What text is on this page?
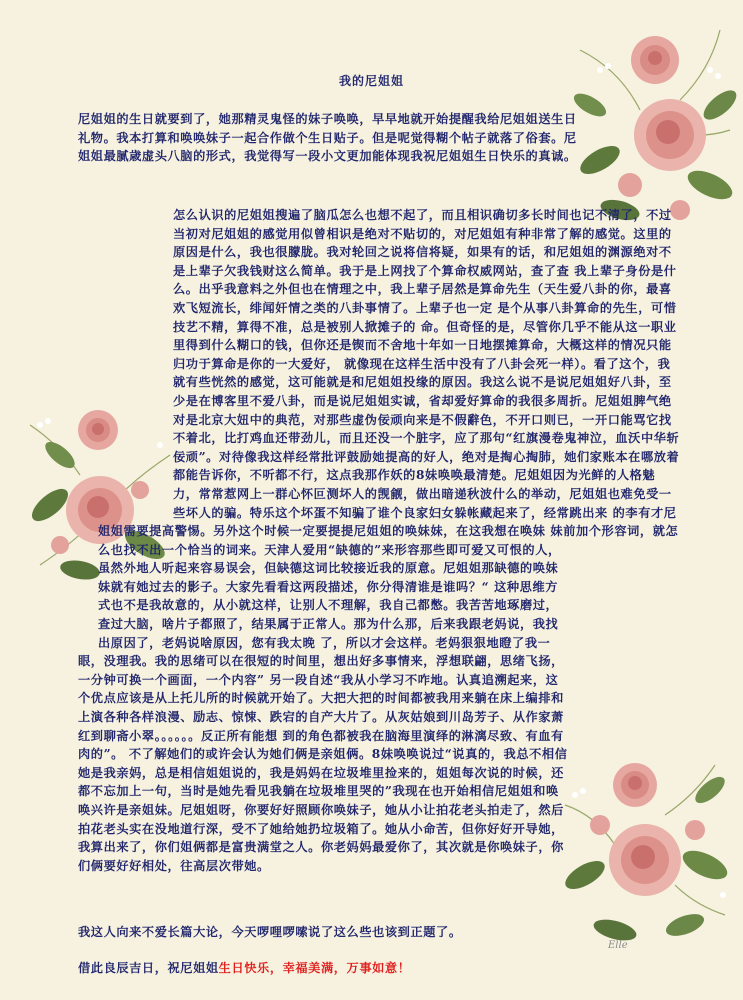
我的尼姐姐

尼姐姐的生日就要到了，她那精灵鬼怪的妹子唤唤，早早地就开始提醒我给尼姐姐送生日礼物。我本打算和唤唤妹子一起合作做个生日贴子。但是呢觉得糊个帖子就落了俗套。尼姐姐最腻歳虚头八脑的形式，我觉得写一段小文更加能体现我祝尼姐姐生日快乐的真诚。

怎么认识的尼姐姐搜遍了脑瓜怎么也想不起了，而且相识确切多长时间也记不清了，不过当初对尼姐姐的感觉用似曾相识是绝对不贴切的，对尼姐姐有种非常了解的感觉。这里的原因是什么，我也很朦胧。我对轮回之说将信将疑，如果有的话，和尼姐姐的渊源绝对不是上辈子欠我钱财这么简单。我于是上网找了个算命权威网站，查了查 我上辈子身份是什么。出乎我意料之外但也在情理之中，我上辈子居然是算命先生（天生爱八卦的你，最喜欢飞短流长，绯闻奸情之类的八卦事情了。上辈子也一定 是个从事八卦算命的先生，可惜技艺不精，算得不准，总是被别人掀摊子的 命。但奇怪的是，尽管你几乎不能从这一职业里得到什么糊口的钱，但你还是锲而不舍地十年如一日地摆摊算命，大概这样的情况只能归功于算命是你的一大爱好， 就像现在这样生活中没有了八卦会死一样）。看了这个，我就有些恍然的感觉，这可能就是和尼姐姐投缘的原因。我这么说不是说尼姐姐好八卦，至少是在博客里不爱八卦，而是说尼姐姐实诚，省却爱好算命的我很多周折。尼姐姐脾气绝对是北京大妞中的典范，对那些虚伪佞顽向来是不假辭色，不开口则已，一开口能骂它找不着北，比打鸡血还带劲儿，而且还没一个脏字，应了那句“红旗漫卷鬼神泣，血沃中华斩佞顽”。对待像我这样经常批评鼓励她提高的好人，绝对是掏心掏肺，她们家账本在哪放着都能告诉你，不听都不行，这点我那作妖的8妹唤唤最清楚。尼姐姐因为光鲜的人格魅力，常常惹网上一群心怀叵测坏人的觊觎，做出暗递秋波什么的举动，尼姐姐也难免受一些坏人的骗。特乐这个坏蛋不知骗了谁个良家妇女躲帐藏起来了，经常跳出来 的李有才尼姐姐需要提高警惕。另外这个时候一定要提提尼姐姐的唤妹妹，在这我想在唤妹 妹前加个形容词，就怎么也找不出一个恰当的词来。天津人爱用“缺德的”来形容那些即可爱又可恨的人，虽然外地人听起来容易误会，但缺德这词比较接近我的原意。尼姐姐那缺德的唤妹妹就有她过去的影子。大家先看看这两段描述，你分得清谁是谁吗？“ 这种思维方式也不是我故意的，从小就这样，让别人不理解，我自己都憋。我苦苦地琢磨过，查过大脑，啥片子都照了，结果属于正常人。那为什么那，后来我跟老妈说，我找出原因了，老妈说啥原因，您有我太晚 了，所以才会这样。老妈狠狠地瞪了我一眼，没理我。我的思绪可以在很短的时间里，想出好多事情来，浮想联翩，思绪飞扬，一分钟可换一个画面，一个内容” 另一段自述“我从小学习不咋地。认真追溯起来，这个优点应该是从上托儿所的时候就开始了。大把大把的时间都被我用来躺在床上编排和上演各种各样浪漫、励志、惊悚、跌宕的自产大片了。从灰姑娘到川岛芳子、从作家萧红到聊斋小翠。。。。。。反正所有能想 到的角色都被我在脑海里演绎的淋漓尽致、有血有肉的”。 不了解她们的或许会认为她们俩是亲姐俩。8妹唤唤说过“说真的，我总不相信她是我亲妈，总是相信姐姐说的，我是妈妈在垃圾堆里捡来的，姐姐每次说的时候，还都不忘加上一句，当时是她先看见我躺在垃圾堆里哭的”我现在也开始相信尼姐姐和唤唤兴许是亲姐妹。尼姐姐呀，你要好好照顾你唤妹子，她从小让拍花老头拍走了，然后拍花老头实在没地道行深，受不了她给她扔垃圾箱了。她从小命苦，但你好好开导她，我算出来了，你们姐俩都是富贵满堂之人。你老妈妈最爱你了，其次就是你唤妹子，你们俩要好好相处，往高层次带她。

我这人向来不爱长篇大论，今天啰哩啰嗦说了这么些也该到正题了。

借此良辰吉日，祝尼姐姐生日快乐，幸福美满，万事如意！

Elle
